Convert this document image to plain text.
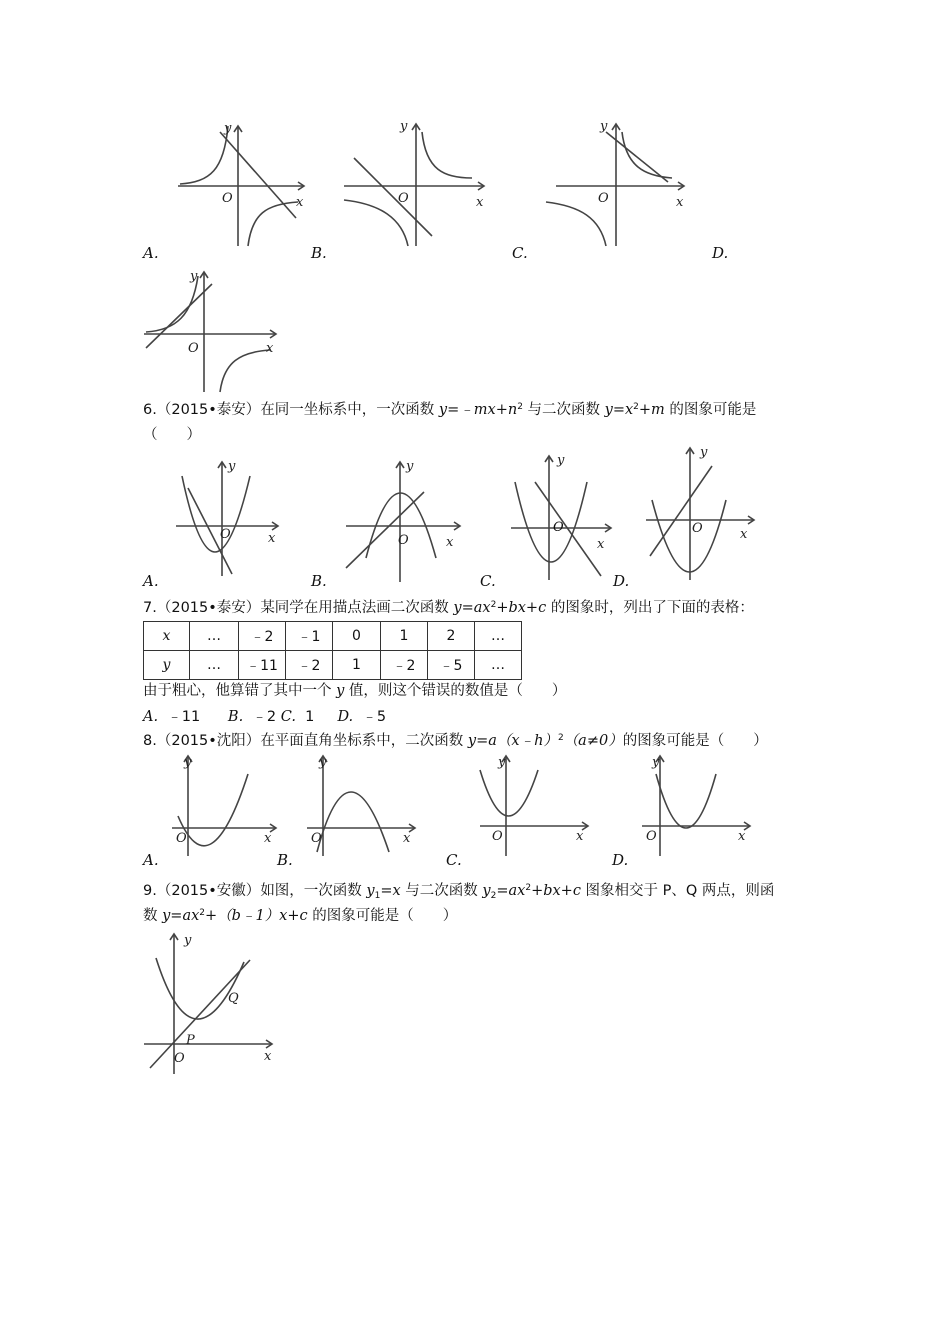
y
x
O
y
x
O
y
x
O
y
x
O
A.	B.	C.	D.
6.（2015•泰安）在同一坐标系中，一次函数 $y=﹣mx+n^2$ 与二次函数 $y=x^2+m$ 的图象可能是
（　　）
y
x
O
y
x
O
y
x
y
x
O
O
A.	B.	C.	D.
7.（2015•泰安）某同学在用描点法画二次函数 $y=ax^2+bx+c$ 的图象时，列出了下面的表格：
x	…	﹣2	﹣1	0	1	2	…
y	…	﹣11	﹣2	1	﹣2	﹣5	…
由于粗心，他算错了其中一个 y 值，则这个错误的数值是（　　）
A. ﹣11 B. ﹣2 C. 1 D. ﹣5
8.（2015•沈阳）在平面直角坐标系中，二次函数 y=a（x﹣h）$^2$（a≠0）的图象可能是（　　）
y
x
O
y
x
O
y
x
O
y
x
O
A.	B.	C.	D.
9.（2015•安徽）如图，一次函数 $y_1=x$ 与二次函数 $y_2=ax^2+bx+c$ 图象相交于 P、Q 两点，则函
数 $y=ax^2+(b﹣1)x+c$ 的图象可能是（　　）
y
x
O
P
Q
